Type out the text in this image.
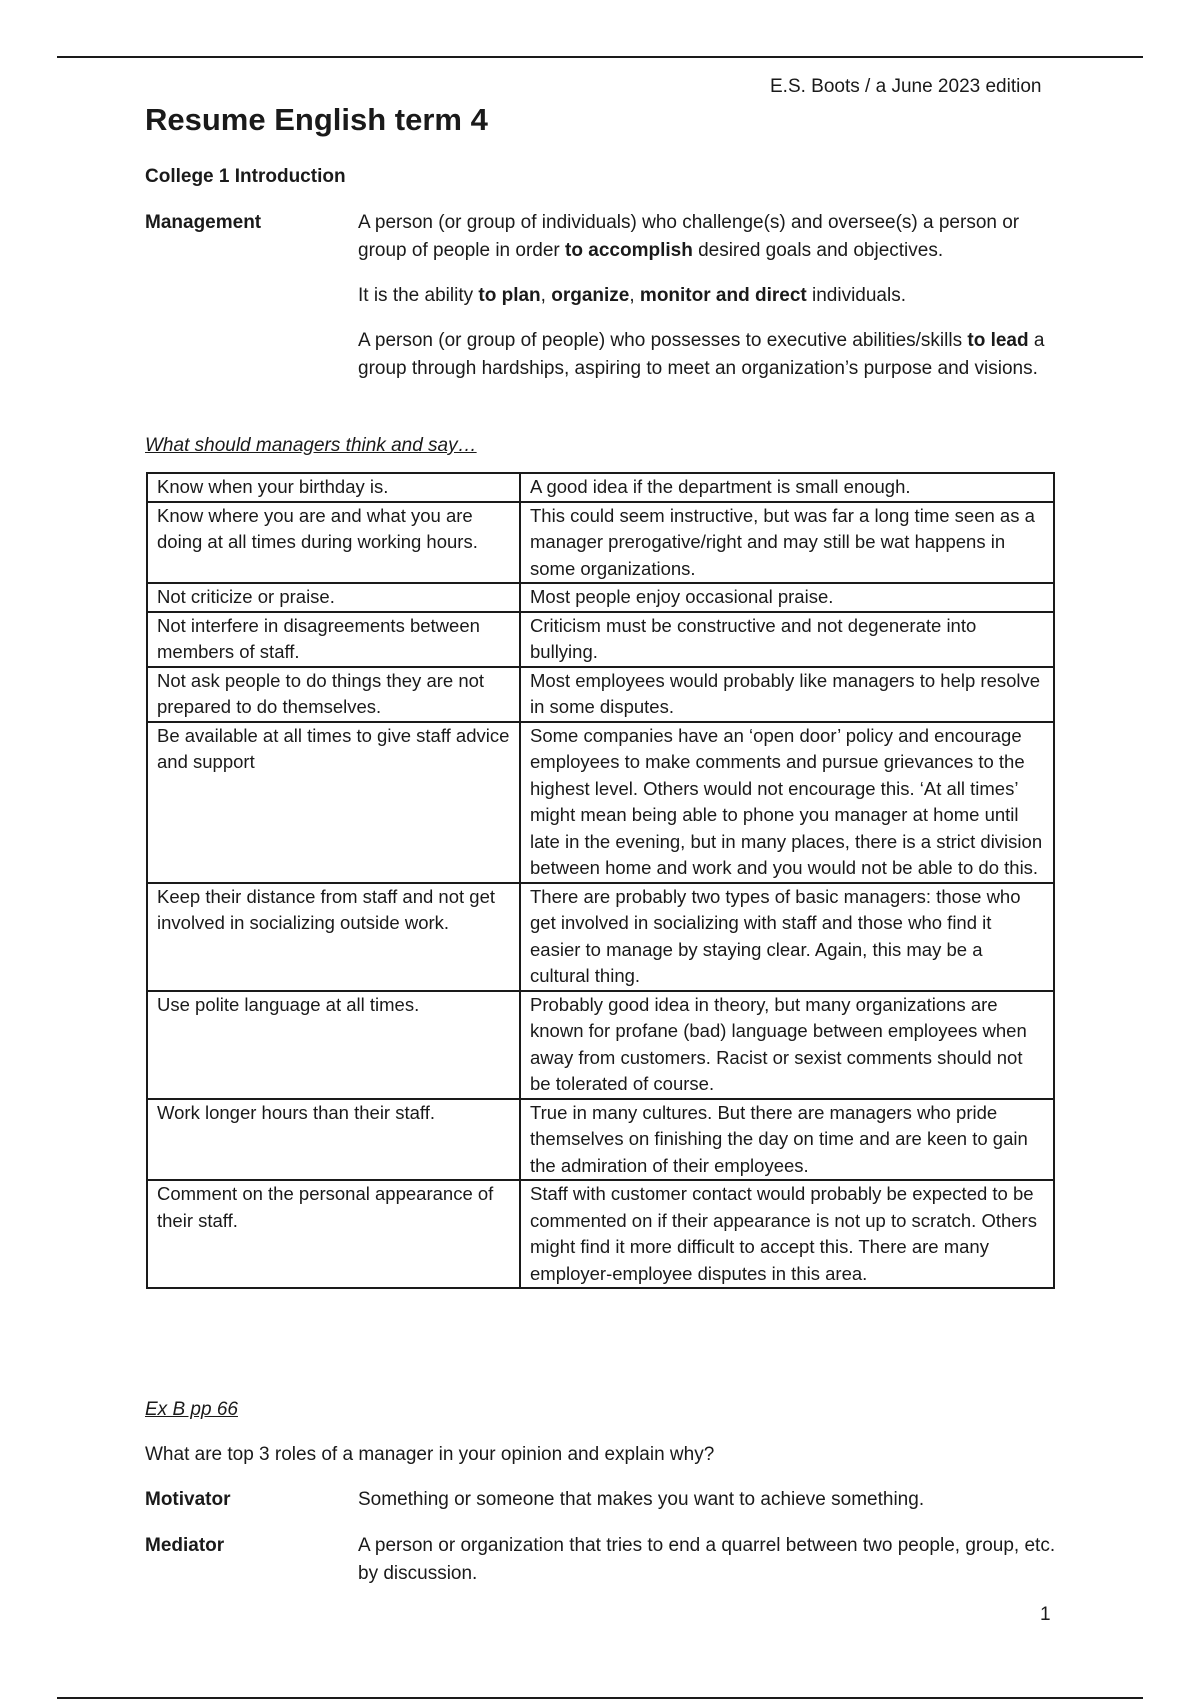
E.S. Boots / a June 2023 edition
Resume English term 4
College 1 Introduction
Management	A person (or group of individuals) who challenge(s) and oversee(s) a person or group of people in order to accomplish desired goals and objectives.

It is the ability to plan, organize, monitor and direct individuals.

A person (or group of people) who possesses to executive abilities/skills to lead a group through hardships, aspiring to meet an organization’s purpose and visions.

What should managers think and say…
Know when your birthday is.	A good idea if the department is small enough.
Know where you are and what you are doing at all times during working hours.	This could seem instructive, but was far a long time seen as a manager prerogative/right and may still be wat happens in some organizations.
Not criticize or praise.	Most people enjoy occasional praise.
Not interfere in disagreements between members of staff.	Criticism must be constructive and not degenerate into bullying.
Not ask people to do things they are not prepared to do themselves.	Most employees would probably like managers to help resolve in some disputes.
Be available at all times to give staff advice and support	Some companies have an ‘open door’ policy and encourage employees to make comments and pursue grievances to the highest level. Others would not encourage this. ‘At all times’ might mean being able to phone you manager at home until late in the evening, but in many places, there is a strict division between home and work and you would not be able to do this.
Keep their distance from staff and not get involved in socializing outside work.	There are probably two types of basic managers: those who get involved in socializing with staff and those who find it easier to manage by staying clear. Again, this may be a cultural thing.
Use polite language at all times.	Probably good idea in theory, but many organizations are known for profane (bad) language between employees when away from customers. Racist or sexist comments should not be tolerated of course.
Work longer hours than their staff.	True in many cultures. But there are managers who pride themselves on finishing the day on time and are keen to gain the admiration of their employees.
Comment on the personal appearance of their staff.	Staff with customer contact would probably be expected to be commented on if their appearance is not up to scratch. Others might find it more difficult to accept this. There are many employer-employee disputes in this area.
Ex B pp 66
What are top 3 roles of a manager in your opinion and explain why?
Motivator	Something or someone that makes you want to achieve something.
Mediator	A person or organization that tries to end a quarrel between two people, group, etc. by discussion.
1
